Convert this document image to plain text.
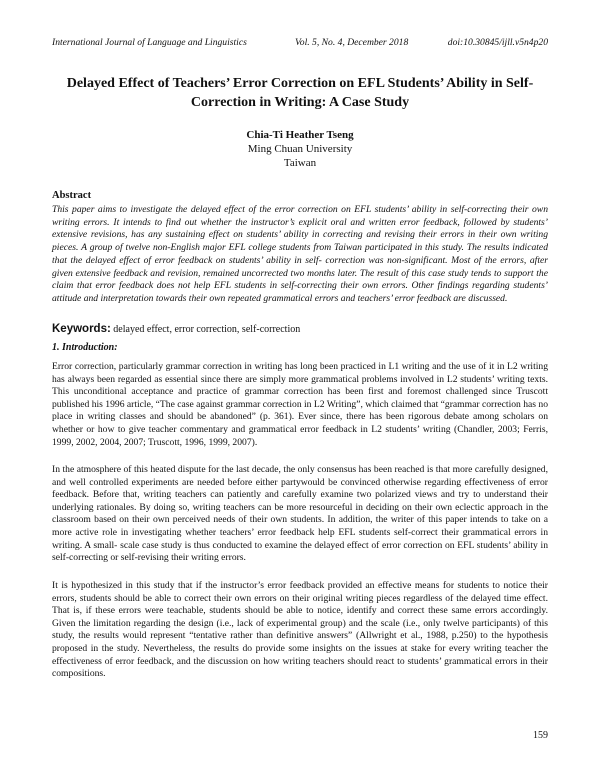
International Journal of Language and Linguistics	Vol. 5, No. 4, December 2018	doi:10.30845/ijll.v5n4p20
Delayed Effect of Teachers’ Error Correction on EFL Students’ Ability in Self-Correction in Writing: A Case Study
Chia-Ti Heather Tseng
Ming Chuan University
Taiwan
Abstract
This paper aims to investigate the delayed effect of the error correction on EFL students’ ability in self-correcting their own writing errors. It intends to find out whether the instructor’s explicit oral and written error feedback, followed by students’ extensive revisions, has any sustaining effect on students’ ability in correcting and revising their errors in their own writing pieces. A group of twelve non-English major EFL college students from Taiwan participated in this study. The results indicated that the delayed effect of error feedback on students’ ability in self- correction was non-significant. Most of the errors, after given extensive feedback and revision, remained uncorrected two months later. The result of this case study tends to support the claim that error feedback does not help EFL students in self-correcting their own errors. Other findings regarding students’ attitude and interpretation towards their own repeated grammatical errors and teachers’ error feedback are discussed.
Keywords: delayed effect, error correction, self-correction
1. Introduction:

Error correction, particularly grammar correction in writing has long been practiced in L1 writing and the use of it in L2 writing has always been regarded as essential since there are simply more grammatical problems involved in L2 students’ writing texts. This unconditional acceptance and practice of grammar correction has been first and foremost challenged since Truscott published his 1996 article, “The case against grammar correction in L2 Writing”, which claimed that “grammar correction has no place in writing classes and should be abandoned” (p. 361). Ever since, there has been rigorous debate among scholars on whether or how to give teacher commentary and grammatical error feedback in L2 students’ writing (Chandler, 2003; Ferris, 1999, 2002, 2004, 2007; Truscott, 1996, 1999, 2007).

In the atmosphere of this heated dispute for the last decade, the only consensus has been reached is that more carefully designed, and well controlled experiments are needed before either partywould be convinced otherwise regarding effectiveness of error feedback. Before that, writing teachers can patiently and carefully examine two polarized views and try to understand their underlying rationales. By doing so, writing teachers can be more resourceful in deciding on their own eclectic approach in the classroom based on their own perceived needs of their own students. In addition, the writer of this paper intends to take on a more active role in investigating whether teachers’ error feedback help EFL students self-correct their grammatical errors in writing. A small- scale case study is thus conducted to examine the delayed effect of error correction on EFL students’ ability in self-correcting or self-revising their writing errors.

It is hypothesized in this study that if the instructor’s error feedback provided an effective means for students to notice their errors, students should be able to correct their own errors on their original writing pieces regardless of the delayed time effect. That is, if these errors were teachable, students should be able to notice, identify and correct these same errors accordingly. Given the limitation regarding the design (i.e., lack of experimental group) and the scale (i.e., only twelve participants) of this study, the results would represent “tentative rather than definitive answers” (Allwright et al., 1988, p.250) to the hypothesis proposed in the study. Nevertheless, the results do provide some insights on the issues at stake for every writing teacher the effectiveness of error feedback, and the discussion on how writing teachers should react to students’ grammatical errors in their compositions.

159
